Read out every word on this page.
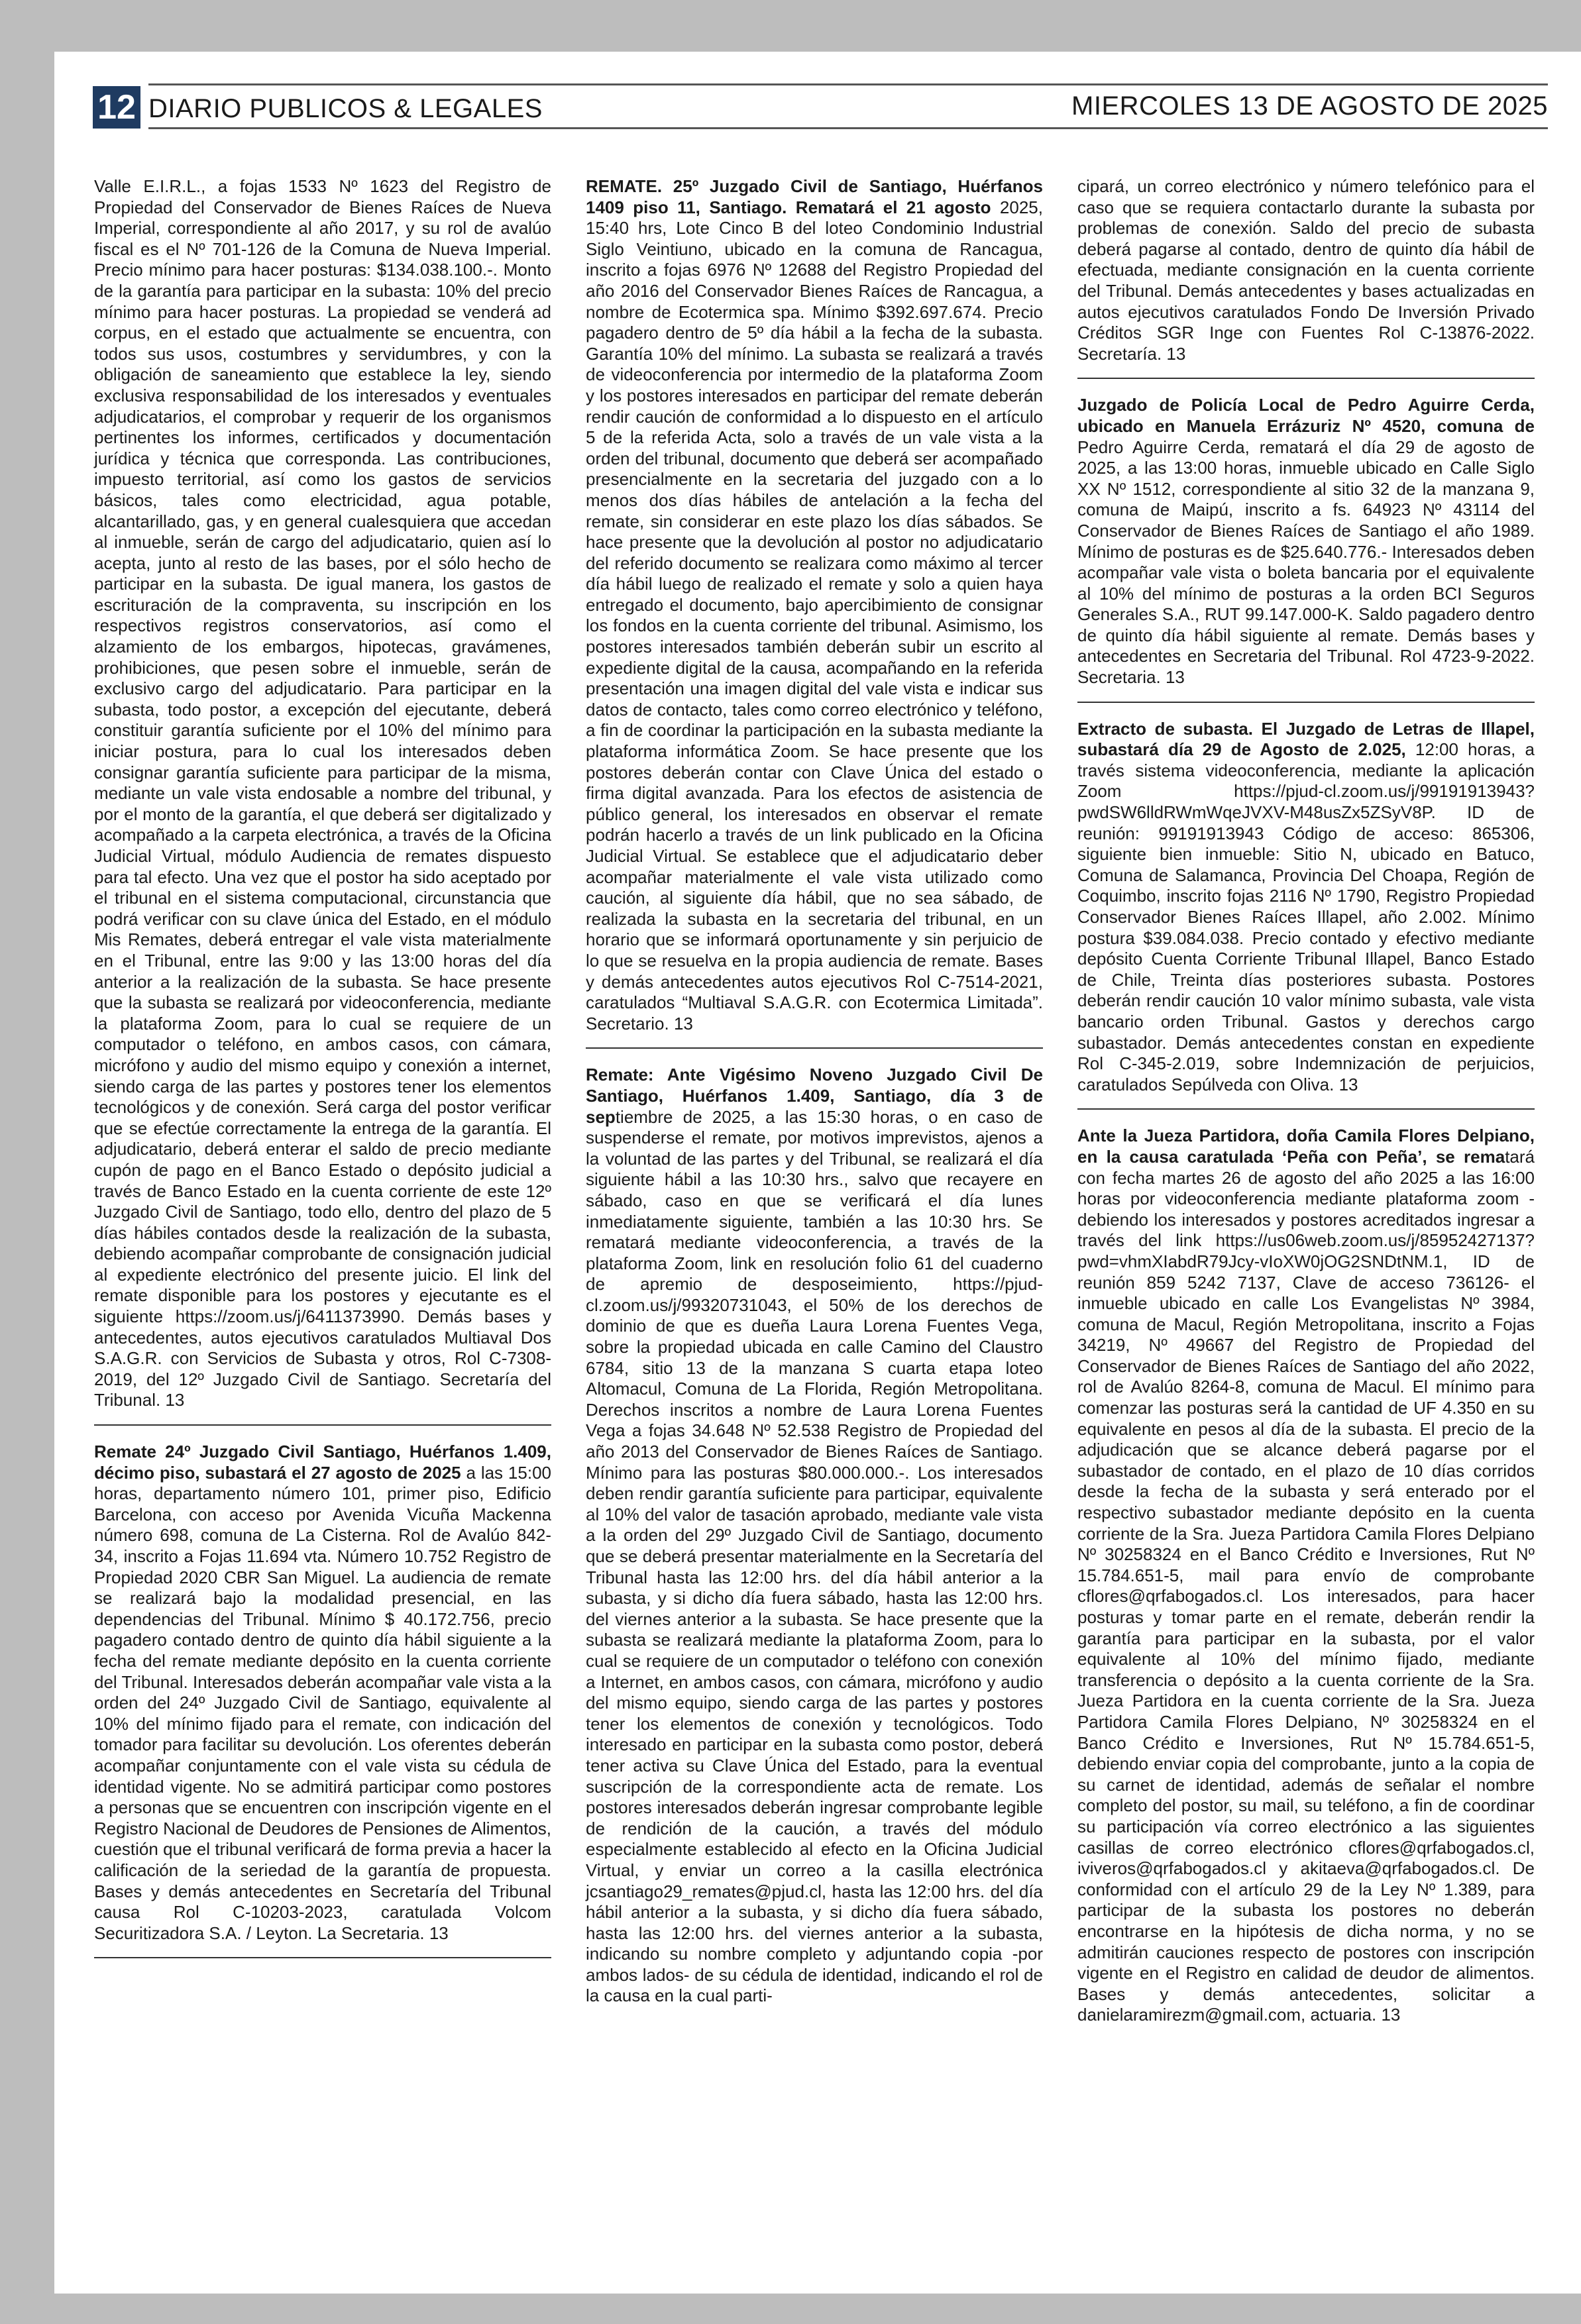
12 DIARIO PUBLICOS & LEGALES	MIERCOLES 13 DE AGOSTO DE 2025

Valle E.I.R.L., a fojas 1533 Nº 1623 del Registro de Propiedad del Conservador de Bienes Raíces de Nueva Imperial, correspondiente al año 2017, y su rol de avalúo fiscal es el Nº 701-126 de la Comuna de Nueva Imperial. Precio mínimo para hacer posturas: $134.038.100.-. Monto de la garantía para participar en la subasta: 10% del precio mínimo para hacer posturas. La propiedad se venderá ad corpus, en el estado que actualmente se encuentra, con todos sus usos, costumbres y servidumbres, y con la obligación de saneamiento que establece la ley, siendo exclusiva responsabilidad de los interesados y eventuales adjudicatarios, el comprobar y requerir de los organismos pertinentes los informes, certificados y documentación jurídica y técnica que corresponda. Las contribuciones, impuesto territorial, así como los gastos de servicios básicos, tales como electricidad, agua potable, alcantarillado, gas, y en general cualesquiera que accedan al inmueble, serán de cargo del adjudicatario, quien así lo acepta, junto al resto de las bases, por el sólo hecho de participar en la subasta. De igual manera, los gastos de escrituración de la compraventa, su inscripción en los respectivos registros conservatorios, así como el alzamiento de los embargos, hipotecas, gravámenes, prohibiciones, que pesen sobre el inmueble, serán de exclusivo cargo del adjudicatario. Para participar en la subasta, todo postor, a excepción del ejecutante, deberá constituir garantía suficiente por el 10% del mínimo para iniciar postura, para lo cual los interesados deben consignar garantía suficiente para participar de la misma, mediante un vale vista endosable a nombre del tribunal, y por el monto de la garantía, el que deberá ser digitalizado y acompañado a la carpeta electrónica, a través de la Oficina Judicial Virtual, módulo Audiencia de remates dispuesto para tal efecto. Una vez que el postor ha sido aceptado por el tribunal en el sistema computacional, circunstancia que podrá verificar con su clave única del Estado, en el módulo Mis Remates, deberá entregar el vale vista materialmente en el Tribunal, entre las 9:00 y las 13:00 horas del día anterior a la realización de la subasta. Se hace presente que la subasta se realizará por videoconferencia, mediante la plataforma Zoom, para lo cual se requiere de un computador o teléfono, en ambos casos, con cámara, micrófono y audio del mismo equipo y conexión a internet, siendo carga de las partes y postores tener los elementos tecnológicos y de conexión. Será carga del postor verificar que se efectúe correctamente la entrega de la garantía. El adjudicatario, deberá enterar el saldo de precio mediante cupón de pago en el Banco Estado o depósito judicial a través de Banco Estado en la cuenta corriente de este 12º Juzgado Civil de Santiago, todo ello, dentro del plazo de 5 días hábiles contados desde la realización de la subasta, debiendo acompañar comprobante de consignación judicial al expediente electrónico del presente juicio. El link del remate disponible para los postores y ejecutante es el siguiente https://zoom.us/j/6411373990. Demás bases y antecedentes, autos ejecutivos caratulados Multiaval Dos S.A.G.R. con Servicios de Subasta y otros, Rol C-7308-2019, del 12º Juzgado Civil de Santiago. Secretaría del Tribunal. 13

Remate 24º Juzgado Civil Santiago, Huérfanos 1.409, décimo piso, subastará el 27 agosto de 2025 a las 15:00 horas, departamento número 101, primer piso, Edificio Barcelona, con acceso por Avenida Vicuña Mackenna número 698, comuna de La Cisterna. Rol de Avalúo 842-34, inscrito a Fojas 11.694 vta. Número 10.752 Registro de Propiedad 2020 CBR San Miguel. La audiencia de remate se realizará bajo la modalidad presencial, en las dependencias del Tribunal. Mínimo $ 40.172.756, precio pagadero contado dentro de quinto día hábil siguiente a la fecha del remate mediante depósito en la cuenta corriente del Tribunal. Interesados deberán acompañar vale vista a la orden del 24º Juzgado Civil de Santiago, equivalente al 10% del mínimo fijado para el remate, con indicación del tomador para facilitar su devolución. Los oferentes deberán acompañar conjuntamente con el vale vista su cédula de identidad vigente. No se admitirá participar como postores a personas que se encuentren con inscripción vigente en el Registro Nacional de Deudores de Pensiones de Alimentos, cuestión que el tribunal verificará de forma previa a hacer la calificación de la seriedad de la garantía de propuesta. Bases y demás antecedentes en Secretaría del Tribunal causa Rol C-10203-2023, caratulada Volcom Securitizadora S.A. / Leyton. La Secretaria. 13

REMATE. 25º Juzgado Civil de Santiago, Huérfanos 1409 piso 11, Santiago. Rematará el 21 agosto 2025, 15:40 hrs, Lote Cinco B del loteo Condominio Industrial Siglo Veintiuno, ubicado en la comuna de Rancagua, inscrito a fojas 6976 Nº 12688 del Registro Propiedad del año 2016 del Conservador Bienes Raíces de Rancagua, a nombre de Ecotermica spa. Mínimo $392.697.674. Precio pagadero dentro de 5º día hábil a la fecha de la subasta. Garantía 10% del mínimo. La subasta se realizará a través de videoconferencia por intermedio de la plataforma Zoom y los postores interesados en participar del remate deberán rendir caución de conformidad a lo dispuesto en el artículo 5 de la referida Acta, solo a través de un vale vista a la orden del tribunal, documento que deberá ser acompañado presencialmente en la secretaria del juzgado con a lo menos dos días hábiles de antelación a la fecha del remate, sin considerar en este plazo los días sábados. Se hace presente que la devolución al postor no adjudicatario del referido documento se realizara como máximo al tercer día hábil luego de realizado el remate y solo a quien haya entregado el documento, bajo apercibimiento de consignar los fondos en la cuenta corriente del tribunal. Asimismo, los postores interesados también deberán subir un escrito al expediente digital de la causa, acompañando en la referida presentación una imagen digital del vale vista e indicar sus datos de contacto, tales como correo electrónico y teléfono, a fin de coordinar la participación en la subasta mediante la plataforma informática Zoom. Se hace presente que los postores deberán contar con Clave Única del estado o firma digital avanzada. Para los efectos de asistencia de público general, los interesados en observar el remate podrán hacerlo a través de un link publicado en la Oficina Judicial Virtual. Se establece que el adjudicatario deber acompañar materialmente el vale vista utilizado como caución, al siguiente día hábil, que no sea sábado, de realizada la subasta en la secretaria del tribunal, en un horario que se informará oportunamente y sin perjuicio de lo que se resuelva en la propia audiencia de remate. Bases y demás antecedentes autos ejecutivos Rol C-7514-2021, caratulados “Multiaval S.A.G.R. con Ecotermica Limitada”. Secretario. 13

Remate: Ante Vigésimo Noveno Juzgado Civil De Santiago, Huérfanos 1.409, Santiago, día 3 de septiembre de 2025, a las 15:30 horas, o en caso de suspenderse el remate, por motivos imprevistos, ajenos a la voluntad de las partes y del Tribunal, se realizará el día siguiente hábil a las 10:30 hrs., salvo que recayere en sábado, caso en que se verificará el día lunes inmediatamente siguiente, también a las 10:30 hrs. Se rematará mediante videoconferencia, a través de la plataforma Zoom, link en resolución folio 61 del cuaderno de apremio de desposeimiento, https://pjud-cl.zoom.us/j/99320731043, el 50% de los derechos de dominio de que es dueña Laura Lorena Fuentes Vega, sobre la propiedad ubicada en calle Camino del Claustro 6784, sitio 13 de la manzana S cuarta etapa loteo Altomacul, Comuna de La Florida, Región Metropolitana. Derechos inscritos a nombre de Laura Lorena Fuentes Vega a fojas 34.648 Nº 52.538 Registro de Propiedad del año 2013 del Conservador de Bienes Raíces de Santiago. Mínimo para las posturas $80.000.000.-. Los interesados deben rendir garantía suficiente para participar, equivalente al 10% del valor de tasación aprobado, mediante vale vista a la orden del 29º Juzgado Civil de Santiago, documento que se deberá presentar materialmente en la Secretaría del Tribunal hasta las 12:00 hrs. del día hábil anterior a la subasta, y si dicho día fuera sábado, hasta las 12:00 hrs. del viernes anterior a la subasta. Se hace presente que la subasta se realizará mediante la plataforma Zoom, para lo cual se requiere de un computador o teléfono con conexión a Internet, en ambos casos, con cámara, micrófono y audio del mismo equipo, siendo carga de las partes y postores tener los elementos de conexión y tecnológicos. Todo interesado en participar en la subasta como postor, deberá tener activa su Clave Única del Estado, para la eventual suscripción de la correspondiente acta de remate. Los postores interesados deberán ingresar comprobante legible de rendición de la caución, a través del módulo especialmente establecido al efecto en la Oficina Judicial Virtual, y enviar un correo a la casilla electrónica jcsantiago29_remates@pjud.cl, hasta las 12:00 hrs. del día hábil anterior a la subasta, y si dicho día fuera sábado, hasta las 12:00 hrs. del viernes anterior a la subasta, indicando su nombre completo y adjuntando copia -por ambos lados- de su cédula de identidad, indicando el rol de la causa en la cual parti-

cipará, un correo electrónico y número telefónico para el caso que se requiera contactarlo durante la subasta por problemas de conexión. Saldo del precio de subasta deberá pagarse al contado, dentro de quinto día hábil de efectuada, mediante consignación en la cuenta corriente del Tribunal. Demás antecedentes y bases actualizadas en autos ejecutivos caratulados Fondo De Inversión Privado Créditos SGR Inge con Fuentes Rol C-13876-2022. Secretaría. 13

Juzgado de Policía Local de Pedro Aguirre Cerda, ubicado en Manuela Errázuriz Nº 4520, comuna de Pedro Aguirre Cerda, rematará el día 29 de agosto de 2025, a las 13:00 horas, inmueble ubicado en Calle Siglo XX Nº 1512, correspondiente al sitio 32 de la manzana 9, comuna de Maipú, inscrito a fs. 64923 Nº 43114 del Conservador de Bienes Raíces de Santiago el año 1989. Mínimo de posturas es de $25.640.776.- Interesados deben acompañar vale vista o boleta bancaria por el equivalente al 10% del mínimo de posturas a la orden BCI Seguros Generales S.A., RUT 99.147.000-K. Saldo pagadero dentro de quinto día hábil siguiente al remate. Demás bases y antecedentes en Secretaria del Tribunal. Rol 4723-9-2022. Secretaria. 13

Extracto de subasta. El Juzgado de Letras de Illapel, subastará día 29 de Agosto de 2.025, 12:00 horas, a través sistema videoconferencia, mediante la aplicación Zoom https://pjud-cl.zoom.us/j/99191913943?pwdSW6lldRWmWqeJVXV-M48usZx5ZSyV8P. ID de reunión: 99191913943 Código de acceso: 865306, siguiente bien inmueble: Sitio N, ubicado en Batuco, Comuna de Salamanca, Provincia Del Choapa, Región de Coquimbo, inscrito fojas 2116 Nº 1790, Registro Propiedad Conservador Bienes Raíces Illapel, año 2.002. Mínimo postura $39.084.038. Precio contado y efectivo mediante depósito Cuenta Corriente Tribunal Illapel, Banco Estado de Chile, Treinta días posteriores subasta. Postores deberán rendir caución 10 valor mínimo subasta, vale vista bancario orden Tribunal. Gastos y derechos cargo subastador. Demás antecedentes constan en expediente Rol C-345-2.019, sobre Indemnización de perjuicios, caratulados Sepúlveda con Oliva. 13

Ante la Jueza Partidora, doña Camila Flores Delpiano, en la causa caratulada ‘Peña con Peña’, se rematará con fecha martes 26 de agosto del año 2025 a las 16:00 horas por videoconferencia mediante plataforma zoom -debiendo los interesados y postores acreditados ingresar a través del link https://us06web.zoom.us/j/85952427137?pwd=vhmXIabdR79Jcy-vIoXW0jOG2SNDtNM.1, ID de reunión 859 5242 7137, Clave de acceso 736126- el inmueble ubicado en calle Los Evangelistas Nº 3984, comuna de Macul, Región Metropolitana, inscrito a Fojas 34219, Nº 49667 del Registro de Propiedad del Conservador de Bienes Raíces de Santiago del año 2022, rol de Avalúo 8264-8, comuna de Macul. El mínimo para comenzar las posturas será la cantidad de UF 4.350 en su equivalente en pesos al día de la subasta. El precio de la adjudicación que se alcance deberá pagarse por el subastador de contado, en el plazo de 10 días corridos desde la fecha de la subasta y será enterado por el respectivo subastador mediante depósito en la cuenta corriente de la Sra. Jueza Partidora Camila Flores Delpiano Nº 30258324 en el Banco Crédito e Inversiones, Rut Nº 15.784.651-5, mail para envío de comprobante cflores@qrfabogados.cl. Los interesados, para hacer posturas y tomar parte en el remate, deberán rendir la garantía para participar en la subasta, por el valor equivalente al 10% del mínimo fijado, mediante transferencia o depósito a la cuenta corriente de la Sra. Jueza Partidora en la cuenta corriente de la Sra. Jueza Partidora Camila Flores Delpiano, Nº 30258324 en el Banco Crédito e Inversiones, Rut Nº 15.784.651-5, debiendo enviar copia del comprobante, junto a la copia de su carnet de identidad, además de señalar el nombre completo del postor, su mail, su teléfono, a fin de coordinar su participación vía correo electrónico a las siguientes casillas de correo electrónico cflores@qrfabogados.cl, iviveros@qrfabogados.cl y akitaeva@qrfabogados.cl. De conformidad con el artículo 29 de la Ley Nº 1.389, para participar de la subasta los postores no deberán encontrarse en la hipótesis de dicha norma, y no se admitirán cauciones respecto de postores con inscripción vigente en el Registro en calidad de deudor de alimentos. Bases y demás antecedentes, solicitar a danielaramirezm@gmail.com, actuaria. 13
